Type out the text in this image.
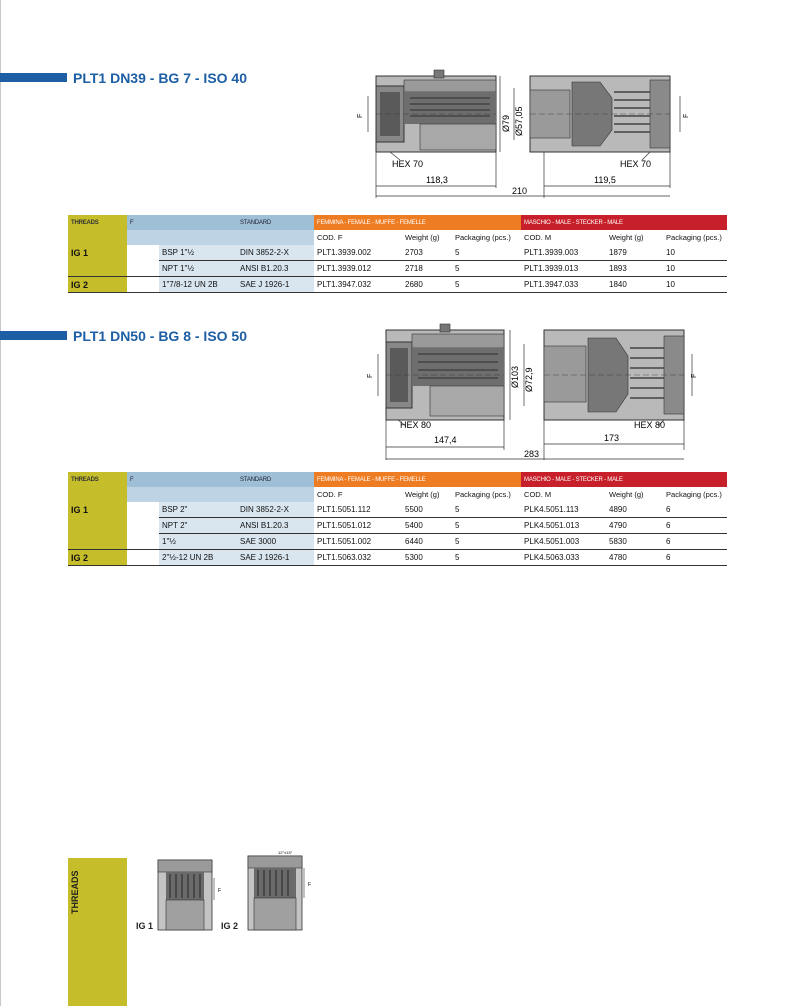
PLT1 DN39 - BG 7 - ISO 40
F	Ø79 Ø57,05	F
HEX 70
118,3
HEX 70
119,5
210
THREADS	F		STANDARD	FEMMINA - FEMALE - MUFFE - FEMELLE			MASCHIO - MALE - STECKER - MALE		
				COD. F	Weight (g)	Packaging (pcs.)	COD. M	Weight (g)	Packaging (pcs.)
IG 1		BSP 1"½	DIN 3852-2-X	PLT1.3939.002	2703	5	PLT1.3939.003	1879	10
		NPT 1"½	ANSI B1.20.3	PLT1.3939.012	2718	5	PLT1.3939.013	1893	10
IG 2		1"7/8-12 UN 2B	SAE J 1926-1	PLT1.3947.032	2680	5	PLT1.3947.033	1840	10
PLT1 DN50 - BG 8 - ISO 50
F	Ø103 Ø72,9	F
HEX 80
147,4
HEX 80
173
283
THREADS	F		STANDARD	FEMMINA - FEMALE - MUFFE - FEMELLE			MASCHIO - MALE - STECKER - MALE		
				COD. F	Weight (g)	Packaging (pcs.)	COD. M	Weight (g)	Packaging (pcs.)
IG 1		BSP 2"	DIN 3852-2-X	PLT1.5051.112	5500	5	PLK4.5051.113	4890	6
		NPT 2"	ANSI B1.20.3	PLT1.5051.012	5400	5	PLK4.5051.013	4790	6
		1"½	SAE 3000	PLT1.5051.002	6440	5	PLK4.5051.003	5830	6
IG 2		2"½-12 UN 2B	SAE J 1926-1	PLT1.5063.032	5300	5	PLK4.5063.033	4780	6
THREADS	F
12°±15°
F
IG 1	IG 2
